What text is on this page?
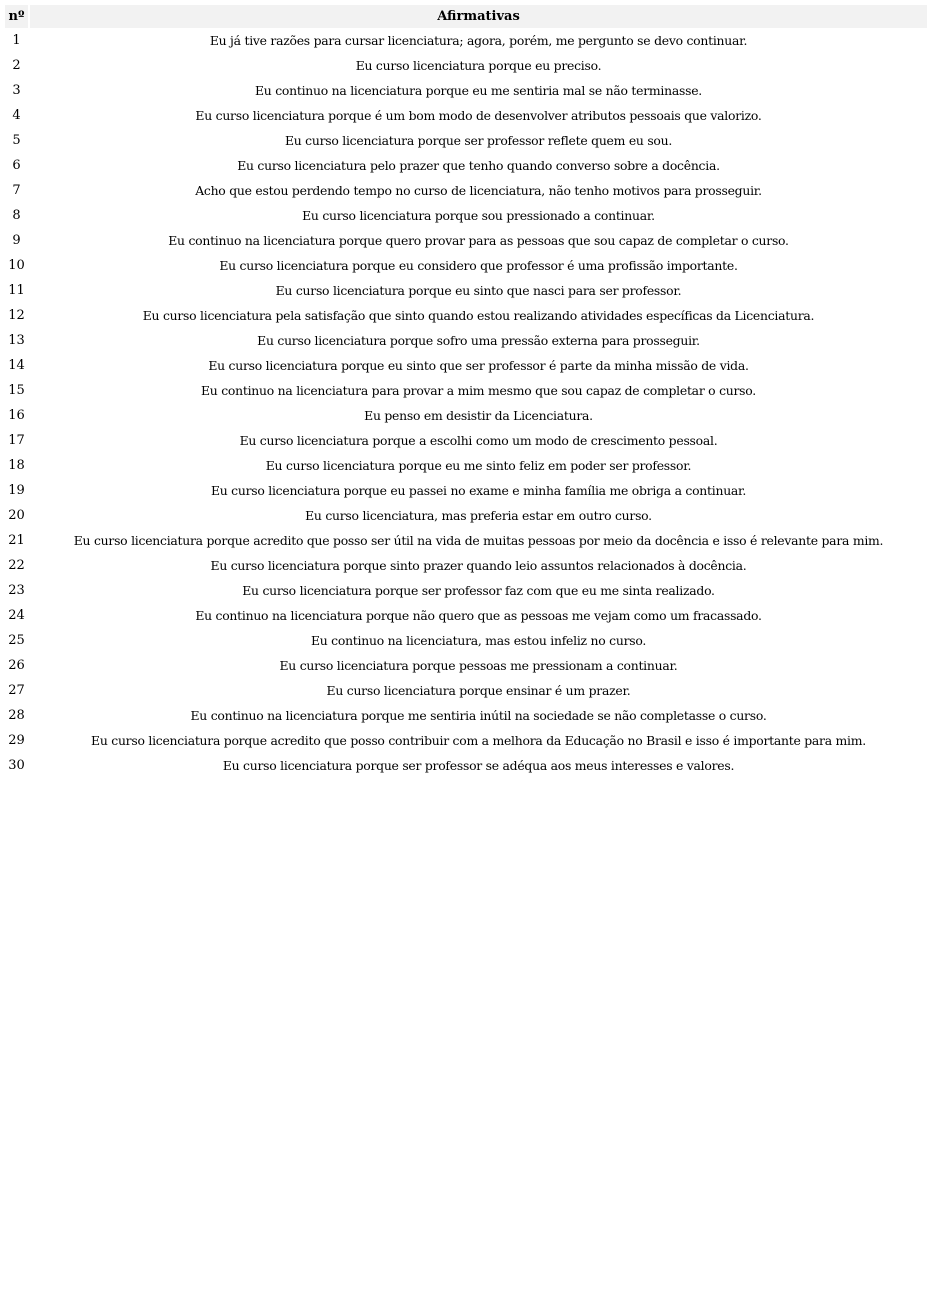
nº	Afirmativas
1	Eu já tive razões para cursar licenciatura; agora, porém, me pergunto se devo continuar.
2	Eu curso licenciatura porque eu preciso.
3	Eu continuo na licenciatura porque eu me sentiria mal se não terminasse.
4	Eu curso licenciatura porque é um bom modo de desenvolver atributos pessoais que valorizo.
5	Eu curso licenciatura porque ser professor reflete quem eu sou.
6	Eu curso licenciatura pelo prazer que tenho quando converso sobre a docência.
7	Acho que estou perdendo tempo no curso de licenciatura, não tenho motivos para prosseguir.
8	Eu curso licenciatura porque sou pressionado a continuar.
9	Eu continuo na licenciatura porque quero provar para as pessoas que sou capaz de completar o curso.
10	Eu curso licenciatura porque eu considero que professor é uma profissão importante.
11	Eu curso licenciatura porque eu sinto que nasci para ser professor.
12	Eu curso licenciatura pela satisfação que sinto quando estou realizando atividades específicas da Licenciatura.
13	Eu curso licenciatura porque sofro uma pressão externa para prosseguir.
14	Eu curso licenciatura porque eu sinto que ser professor é parte da minha missão de vida.
15	Eu continuo na licenciatura para provar a mim mesmo que sou capaz de completar o curso.
16	Eu penso em desistir da Licenciatura.
17	Eu curso licenciatura porque a escolhi como um modo de crescimento pessoal.
18	Eu curso licenciatura porque eu me sinto feliz em poder ser professor.
19	Eu curso licenciatura porque eu passei no exame e minha família me obriga a continuar.
20	Eu curso licenciatura, mas preferia estar em outro curso.
21	Eu curso licenciatura porque acredito que posso ser útil na vida de muitas pessoas por meio da docência e isso é relevante para mim.
22	Eu curso licenciatura porque sinto prazer quando leio assuntos relacionados à docência.
23	Eu curso licenciatura porque ser professor faz com que eu me sinta realizado.
24	Eu continuo na licenciatura porque não quero que as pessoas me vejam como um fracassado.
25	Eu continuo na licenciatura, mas estou infeliz no curso.
26	Eu curso licenciatura porque pessoas me pressionam a continuar.
27	Eu curso licenciatura porque ensinar é um prazer.
28	Eu continuo na licenciatura porque me sentiria inútil na sociedade se não completasse o curso.
29	Eu curso licenciatura porque acredito que posso contribuir com a melhora da Educação no Brasil e isso é importante para mim.
30	Eu curso licenciatura porque ser professor se adéqua aos meus interesses e valores.
